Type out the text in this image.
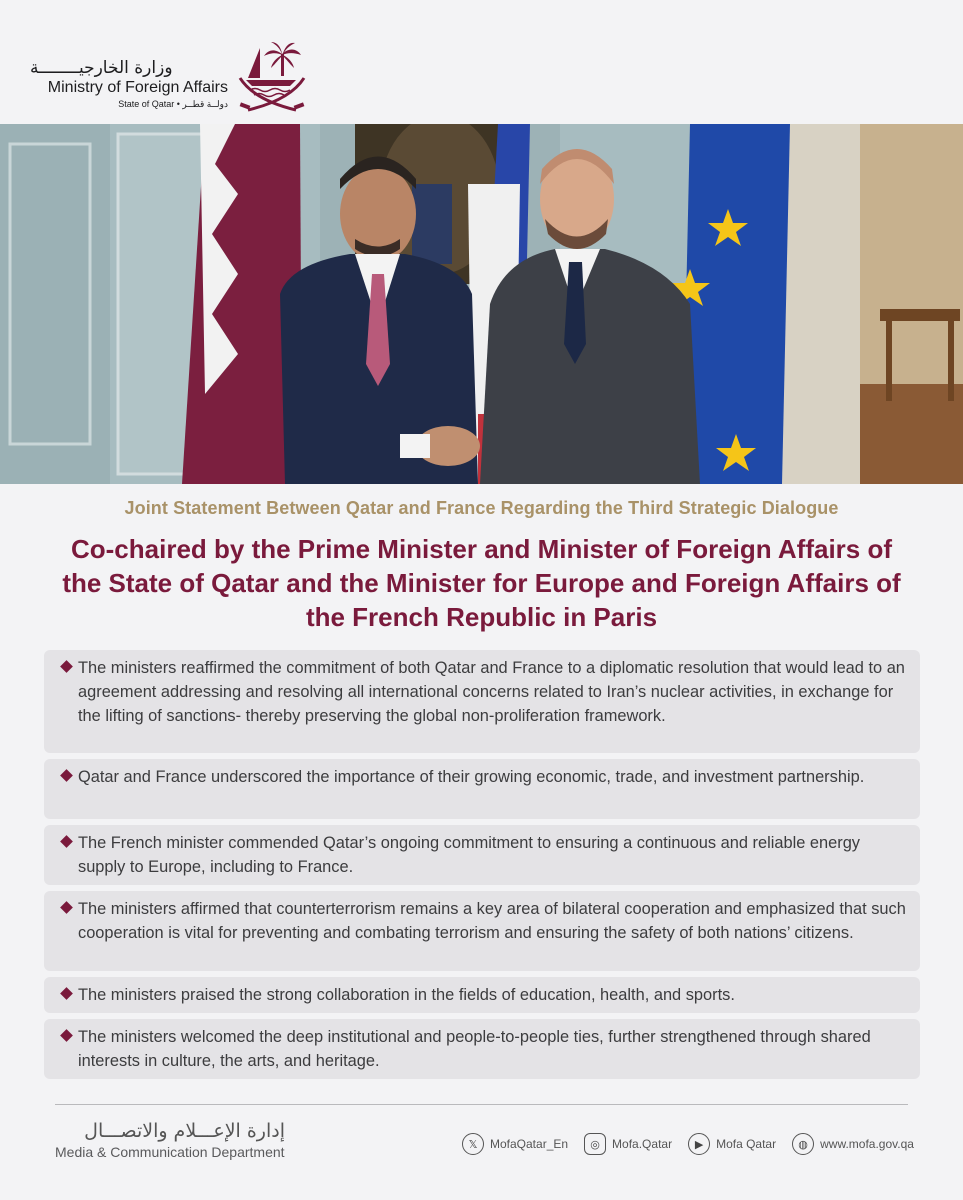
وزارة الخارجيــــــــة
Ministry of Foreign Affairs
State of Qatar • دولــة قطــر
Joint Statement Between Qatar and France Regarding the Third Strategic Dialogue
Co-chaired by the Prime Minister and Minister of Foreign Affairs of the State of Qatar and the Minister for Europe and Foreign Affairs of the French Republic in Paris
The ministers reaffirmed the commitment of both Qatar and France to a diplomatic resolution that would lead to an agreement addressing and resolving all international concerns related to Iran’s nuclear activities, in exchange for the lifting of sanctions- thereby preserving the global non-proliferation framework.
Qatar and France underscored the importance of their growing economic, trade, and investment partnership.
The French minister commended Qatar’s ongoing commitment to ensuring a continuous and reliable energy supply to Europe, including to France.
The ministers affirmed that counterterrorism remains a key area of bilateral cooperation and emphasized that such cooperation is vital for preventing and combating terrorism and ensuring the safety of both nations’ citizens.
The ministers praised the strong collaboration in the fields of education, health, and sports.
The ministers welcomed the deep institutional and people-to-people ties, further strengthened through shared interests in culture, the arts, and heritage.
إدارة الإعـــلام والاتصـــال
Media & Communication Department	𝕏	MofaQatar_En	◎	Mofa.Qatar	▶	Mofa Qatar	◍	www.mofa.gov.qa
